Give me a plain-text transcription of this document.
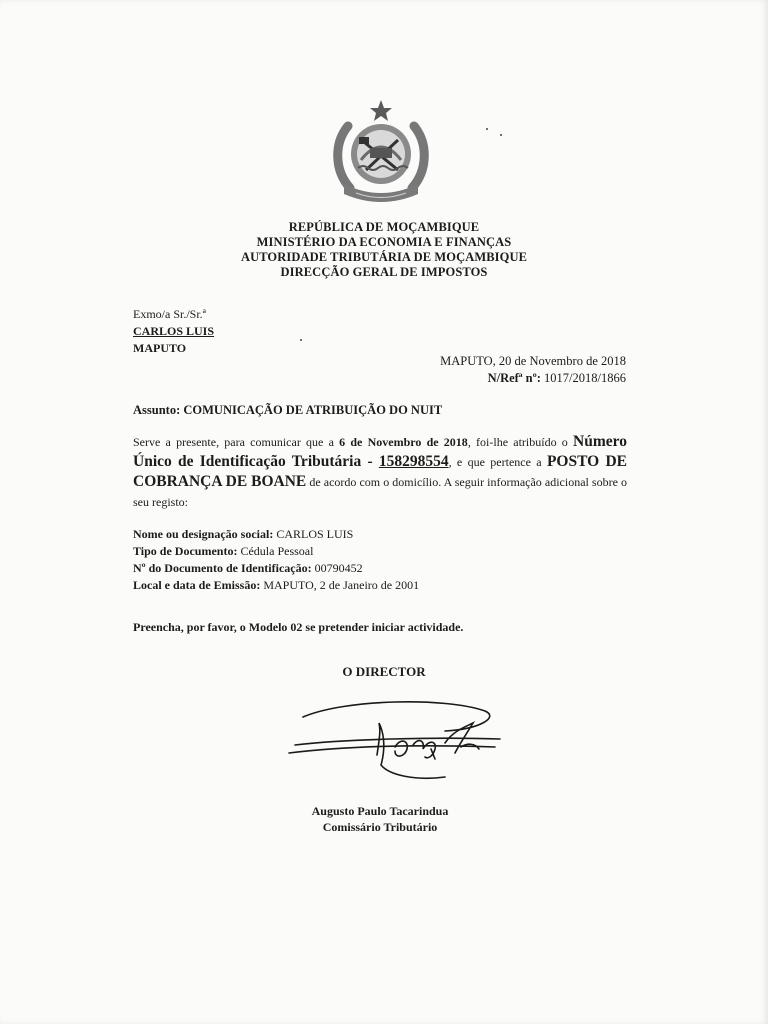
REPÚBLICA DE MOÇAMBIQUE
MINISTÉRIO DA ECONOMIA E FINANÇAS
AUTORIDADE TRIBUTÁRIA DE MOÇAMBIQUE
DIRECÇÃO GERAL DE IMPOSTOS
Exmo/a Sr./Sr.ª
CARLOS LUIS
MAPUTO
MAPUTO, 20 de Novembro de 2018
N/Refª nº: 1017/2018/1866
Assunto: COMUNICAÇÃO DE ATRIBUIÇÃO DO NUIT
Serve a presente, para comunicar que a 6 de Novembro de 2018, foi-lhe atribuído o Número Único de Identificação Tributária - 158298554, e que pertence a POSTO DE COBRANÇA DE BOANE de acordo com o domicílio. A seguir informação adicional sobre o seu registo:
Nome ou designação social: CARLOS LUIS
Tipo de Documento: Cédula Pessoal
Nº do Documento de Identificação: 00790452
Local e data de Emissão: MAPUTO, 2 de Janeiro de 2001
Preencha, por favor, o Modelo 02 se pretender iniciar actividade.
O DIRECTOR
Augusto Paulo Tacarindua
Comissário Tributário
